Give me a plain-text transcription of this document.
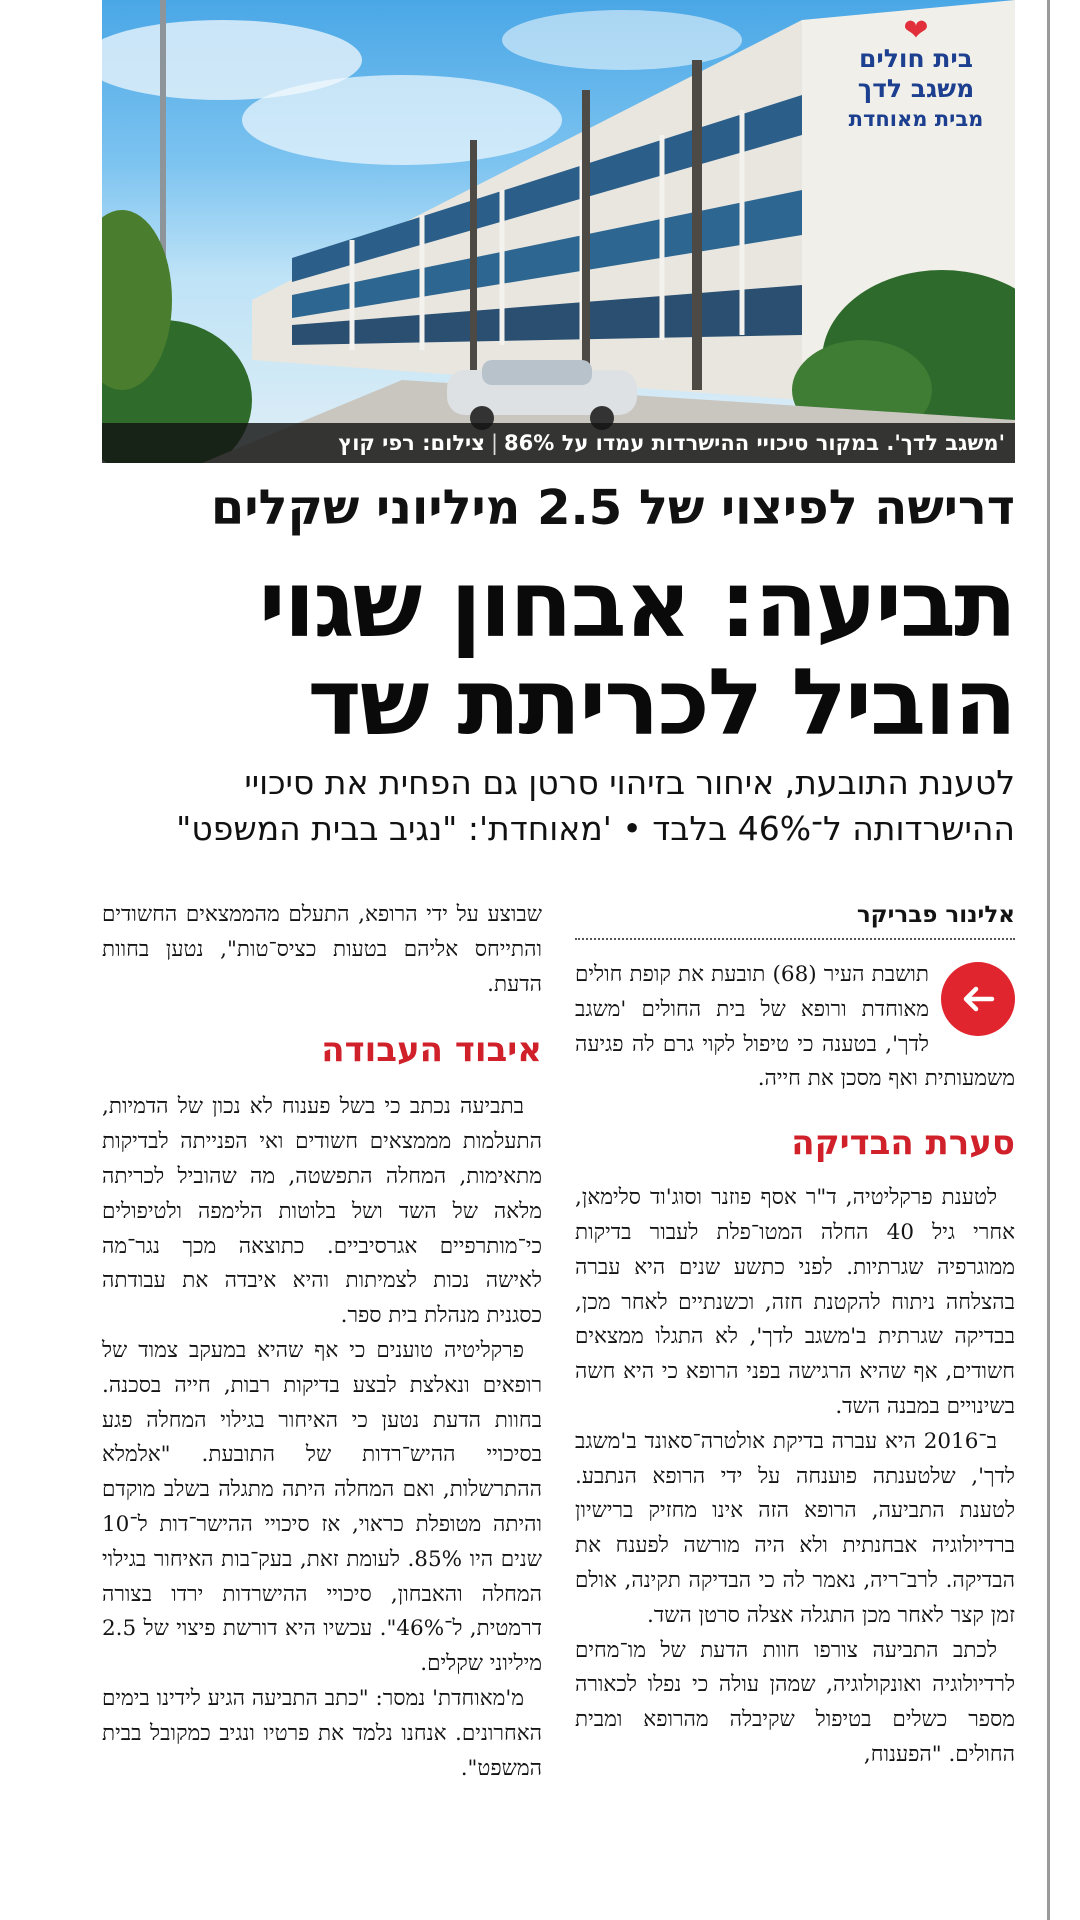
❤
בית חולים
משגב לדך
מבית מאוחדת
'משגב לדך'. במקור סיכויי ההישרדות עמדו על 86%|צילום: רפי קוץ
דרישה לפיצוי של 2.5 מיליוני שקלים
תביעה: אבחון שגוי
הוביל לכריתת שד
לטענת התובעת, איחור בזיהוי סרטן גם הפחית את סיכויי ההישרדותה ל־46% בלבד • 'מאוחדת': "נגיב בבית המשפט"
אלינור פבריקר

תושבת העיר (68) תובעת את קופת חולים מאוחדת ורופא של בית החולים 'משגב לדך', בטענה כי טיפול לקוי גרם לה פגיעה משמעותית ואף מסכן את חייה.

סערת הבדיקה

לטענת פרקליטיה, ד"ר אסף פוזנר וסוג'וד סלימאן, אחרי גיל 40 החלה המטו־פלת לעבור בדיקות ממוגרפיה שגרתיות. לפני כתשע שנים היא עברה בהצלחה ניתוח להקטנת חזה, וכשנתיים לאחר מכן, בבדיקה שגרתית ב'משגב לדך', לא התגלו ממצאים חשודים, אף שהיא הרגישה בפני הרופא כי היא חשה בשינויים במבנה השד.

ב־2016 היא עברה בדיקת אולטרה־סאונד ב'משגב לדך', שלטענתה פוענחה על ידי הרופא הנתבע. לטענת התביעה, הרופא הזה אינו מחזיק ברישיון ברדיולוגיה אבחנתית ולא היה מורשה לפענח את הבדיקה. לרב־ריה, נאמר לה כי הבדיקה תקינה, אולם זמן קצר לאחר מכן התגלה אצלה סרטן השד.

לכתב התביעה צורפו חוות הדעת של מו־מחים לרדיולוגיה ואונקולוגיה, שמהן עולה כי נפלו לכאורה מספר כשלים בטיפול שקיבלה מהרופא ומבית החולים. "הפענוח,

שבוצע על ידי הרופא, התעלם מהממצאים החשודים והתייחס אליהם בטעות כציס־טות", נטען בחוות הדעת.

איבוד העבודה

בתביעה נכתב כי בשל פענוח לא נכון של הדמיות, התעלמות מממצאים חשודים ואי הפנייתה לבדיקות מתאימות, המחלה התפשטה, מה שהוביל לכריתה מלאה של השד ושל בלוטות הלימפה ולטיפולים כי־מותרפיים אגרסיביים. כתוצאה מכך נגר־מה לאישה נכות לצמיתות והיא איבדה את עבודתה כסגנית מנהלת בית ספר.

פרקליטיה טוענים כי אף שהיא במעקב צמוד של רופאים ונאלצת לבצע בדיקות רבות, חייה בסכנה. בחוות הדעת נטען כי האיחור בגילוי המחלה פגע בסיכויי ההיש־רדות של התובעת. "אלמלא ההתרשלות, ואם המחלה היתה מתגלה בשלב מוקדם והיתה מטופלת כראוי, אז סיכויי ההישר־דות ל־10 שנים היו 85%. לעומת זאת, בעק־בות האיחור בגילוי המחלה והאבחון, סיכויי ההישרדות ירדו בצורה דרמטית, ל־46%". עכשיו היא דורשת פיצוי של 2.5 מיליוני שקלים.

מ'מאוחדת' נמסר: "כתב התביעה הגיע לידינו בימים האחרונים. אנחנו נלמד את פרטיו ונגיב כמקובל בבית המשפט".
